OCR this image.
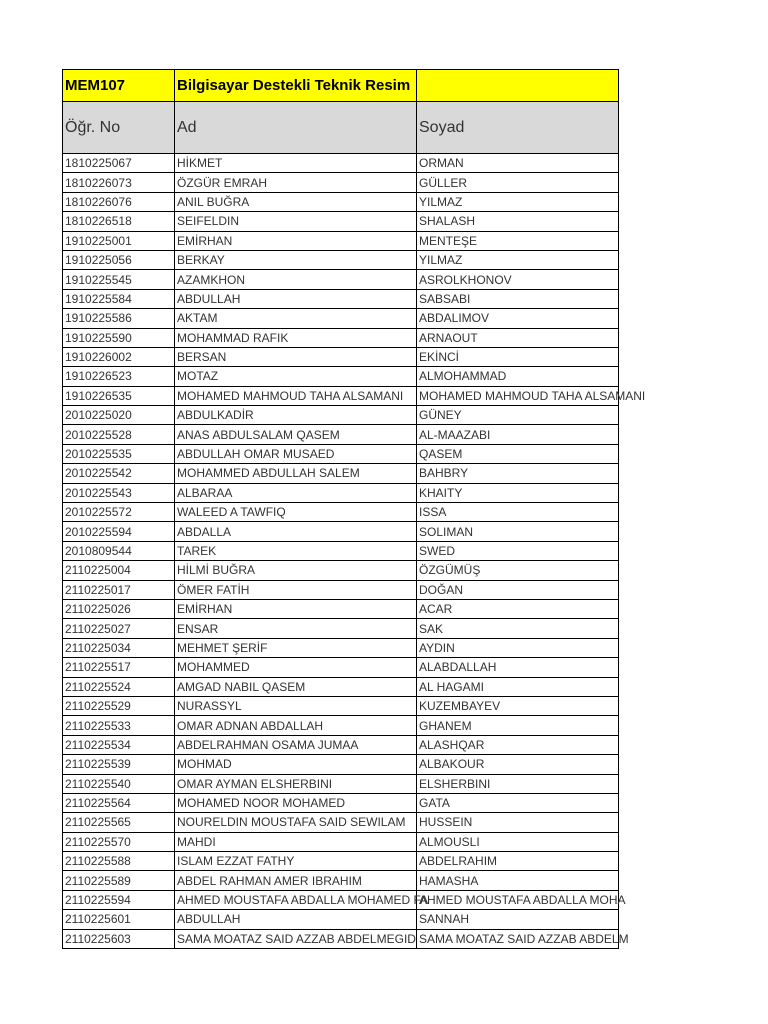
MEM107	Bilgisayar Destekli Teknik Resim	
Öğr. No	Ad	Soyad
1810225067	HİKMET	ORMAN
1810226073	ÖZGÜR EMRAH	GÜLLER
1810226076	ANIL BUĞRA	YILMAZ
1810226518	SEIFELDIN	SHALASH
1910225001	EMİRHAN	MENTEŞE
1910225056	BERKAY	YILMAZ
1910225545	AZAMKHON	ASROLKHONOV
1910225584	ABDULLAH	SABSABI
1910225586	AKTAM	ABDALIMOV
1910225590	MOHAMMAD RAFIK	ARNAOUT
1910226002	BERSAN	EKİNCİ
1910226523	MOTAZ	ALMOHAMMAD
1910226535	MOHAMED MAHMOUD TAHA ALSAMANI	MOHAMED MAHMOUD TAHA ALSAMANI
2010225020	ABDULKADİR	GÜNEY
2010225528	ANAS ABDULSALAM QASEM	AL-MAAZABI
2010225535	ABDULLAH OMAR MUSAED	QASEM
2010225542	MOHAMMED ABDULLAH SALEM	BAHBRY
2010225543	ALBARAA	KHAITY
2010225572	WALEED A TAWFIQ	ISSA
2010225594	ABDALLA	SOLIMAN
2010809544	TAREK	SWED
2110225004	HİLMİ BUĞRA	ÖZGÜMÜŞ
2110225017	ÖMER FATİH	DOĞAN
2110225026	EMİRHAN	ACAR
2110225027	ENSAR	SAK
2110225034	MEHMET ŞERİF	AYDIN
2110225517	MOHAMMED	ALABDALLAH
2110225524	AMGAD NABIL QASEM	AL HAGAMI
2110225529	NURASSYL	KUZEMBAYEV
2110225533	OMAR ADNAN ABDALLAH	GHANEM
2110225534	ABDELRAHMAN OSAMA JUMAA	ALASHQAR
2110225539	MOHMAD	ALBAKOUR
2110225540	OMAR AYMAN ELSHERBINI	ELSHERBINI
2110225564	MOHAMED NOOR MOHAMED	GATA
2110225565	NOURELDIN MOUSTAFA SAID SEWILAM	HUSSEIN
2110225570	MAHDI	ALMOUSLI
2110225588	ISLAM EZZAT FATHY	ABDELRAHIM
2110225589	ABDEL RAHMAN AMER IBRAHIM	HAMASHA
2110225594	AHMED MOUSTAFA ABDALLA MOHAMED FA	AHMED MOUSTAFA ABDALLA MOHA
2110225601	ABDULLAH	SANNAH
2110225603	SAMA MOATAZ SAID AZZAB ABDELMEGID	SAMA MOATAZ SAID AZZAB ABDELM
